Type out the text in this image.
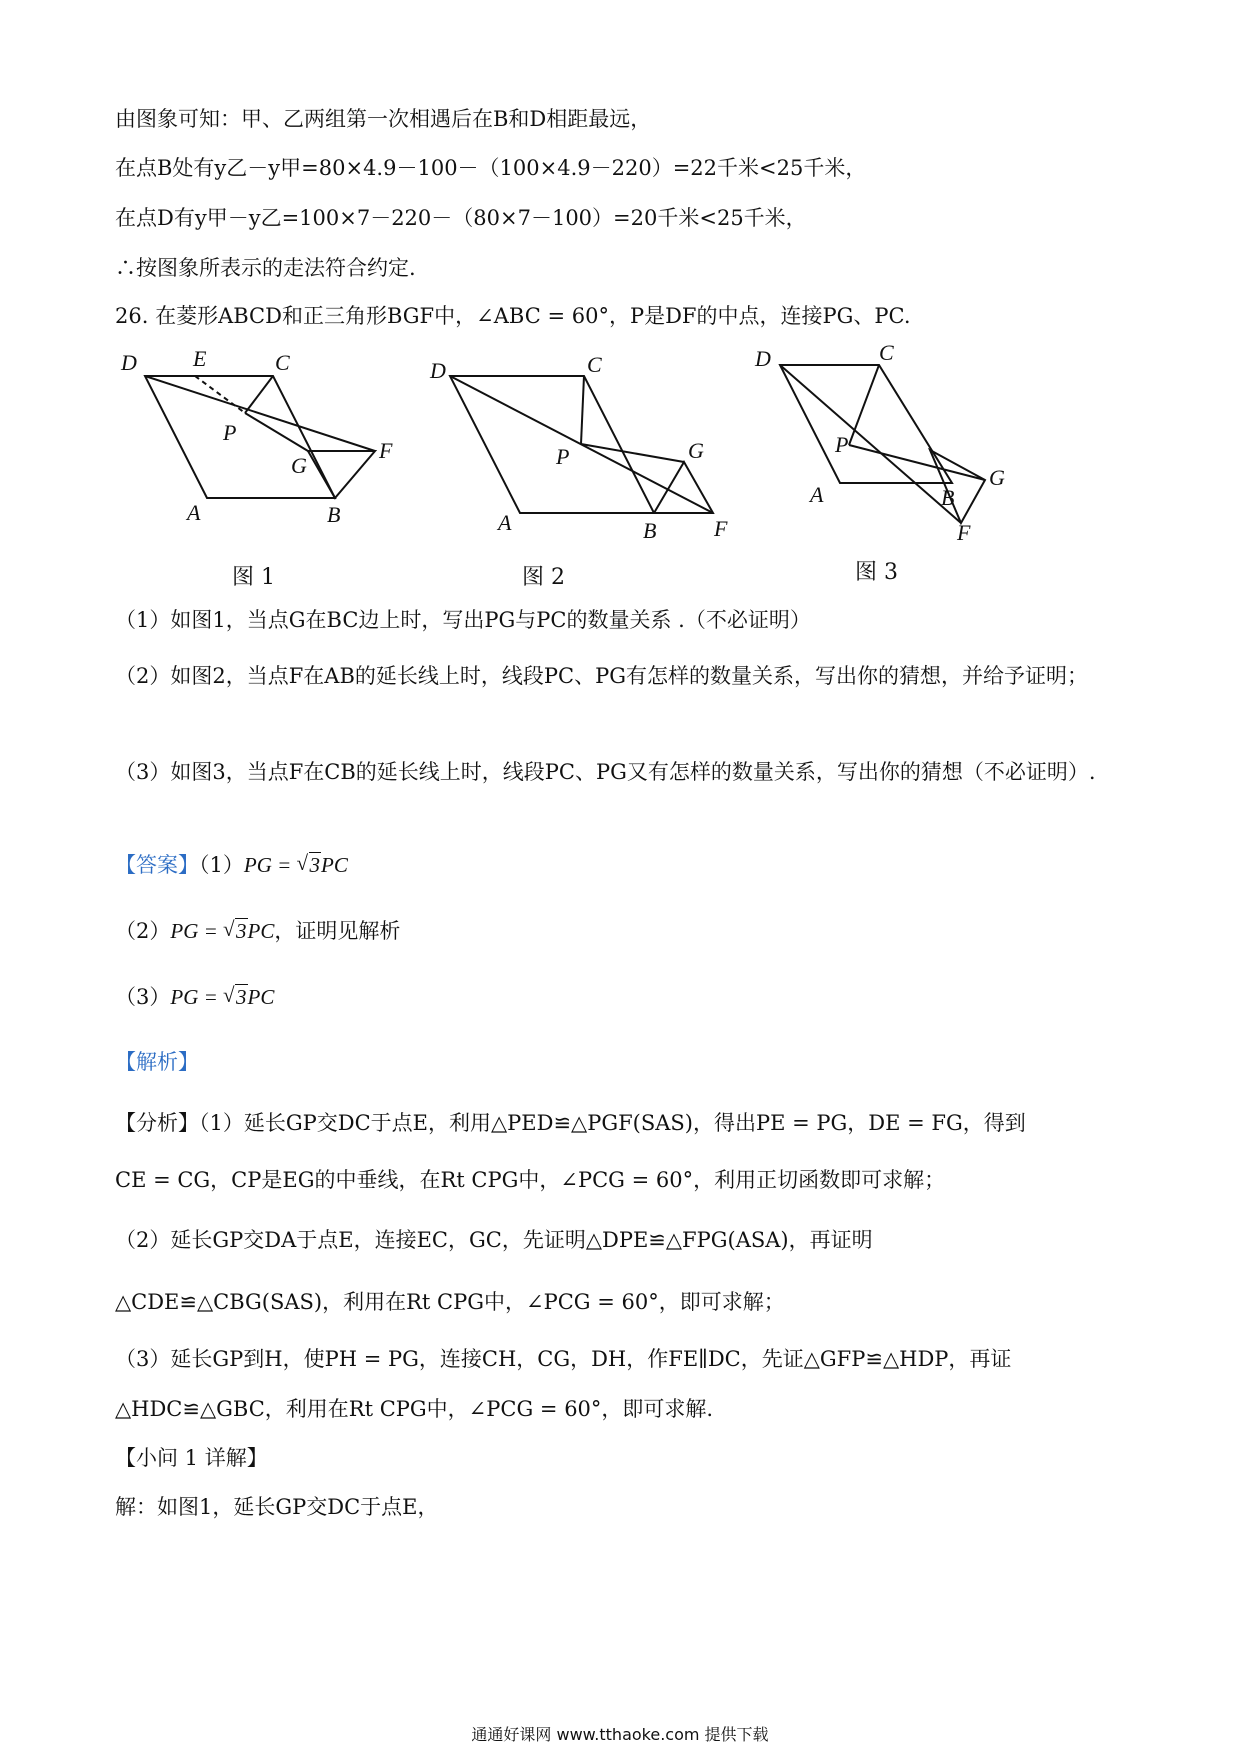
由图象可知：甲、乙两组第一次相遇后在B和D相距最远，
在点B处有y乙－y甲=80×4.9－100－（100×4.9－220）=22千米<25千米，
在点D有y甲－y乙=100×7－220－（80×7－100）=20千米<25千米，
∴按图象所表示的走法符合约定.
26. 在菱形ABCD和正三角形BGF中，∠ABC = 60°，P是DF的中点，连接PG、PC.
D	E	C
P
G
F
A	B
图 1
D	C
P	G
A	B	F
图 2
D	C
P
A	B
G
F
图 3
（1）如图1，当点G在BC边上时，写出PG与PC的数量关系 .（不必证明）
（2）如图2，当点F在AB的延长线上时，线段PC、PG有怎样的数量关系，写出你的猜想，并给予证明；
（3）如图3，当点F在CB的延长线上时，线段PC、PG又有怎样的数量关系，写出你的猜想（不必证明）.
【答案】（1）PG = √ 3PC
（2）PG = √ 3PC，证明见解析
（3）PG = √ 3PC
【解析】
【分析】（1）延长GP交DC于点E，利用△PED≌△PGF(SAS)，得出PE = PG，DE = FG，得到
CE = CG，CP是EG的中垂线，在Rt CPG中，∠PCG = 60°，利用正切函数即可求解；
（2）延长GP交DA于点E，连接EC，GC，先证明△DPE≌△FPG(ASA)，再证明
△CDE≌△CBG(SAS)，利用在Rt CPG中，∠PCG = 60°，即可求解；
（3）延长GP到H，使PH = PG，连接CH，CG，DH，作FE∥DC，先证△GFP≌△HDP，再证
△HDC≌△GBC，利用在Rt CPG中，∠PCG = 60°，即可求解.
【小问 1 详解】
解：如图1，延长GP交DC于点E，
通通好课网 www.tthaoke.com 提供下载
